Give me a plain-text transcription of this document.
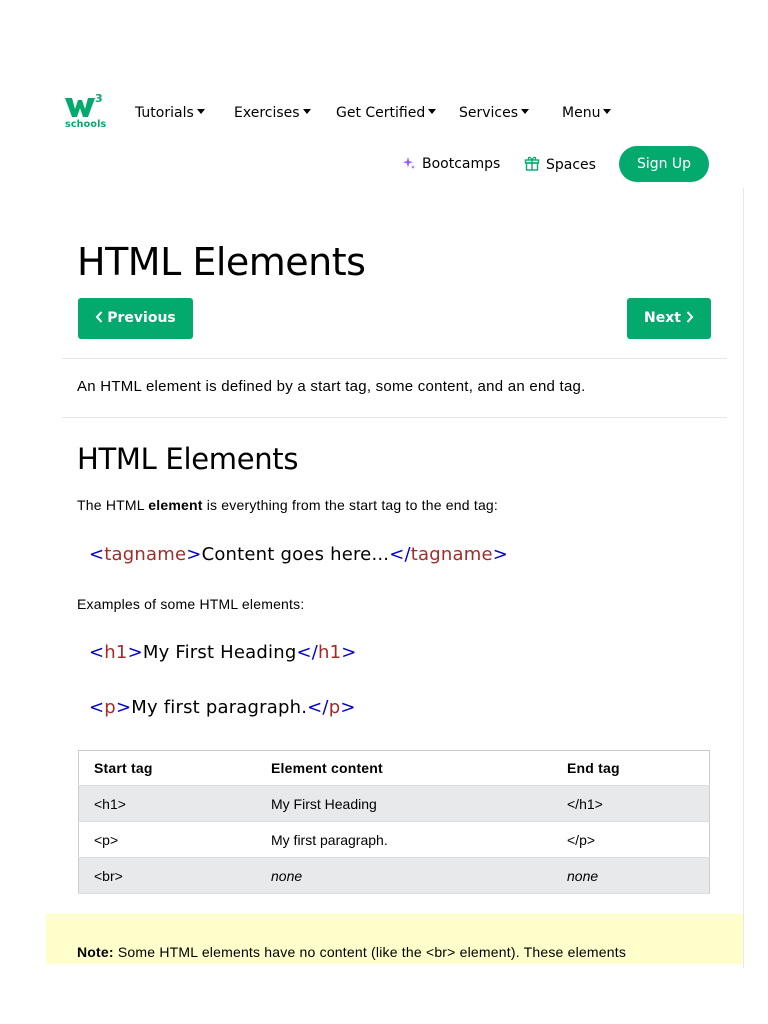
3
schools
Tutorials	Exercises	Get Certified	Services	Menu
Bootcamps	Spaces	Sign Up
HTML Elements
Previous	Next
An HTML element is defined by a start tag, some content, and an end tag.
HTML Elements
The HTML element is everything from the start tag to the end tag:
<tagname>Content goes here...</tagname>
Examples of some HTML elements:
<h1>My First Heading</h1>
<p>My first paragraph.</p>
Start tag	Element content	End tag
<h1>	My First Heading	</h1>
<p>	My first paragraph.	</p>
<br>	none	none
Note: Some HTML elements have no content (like the <br> element). These elements
